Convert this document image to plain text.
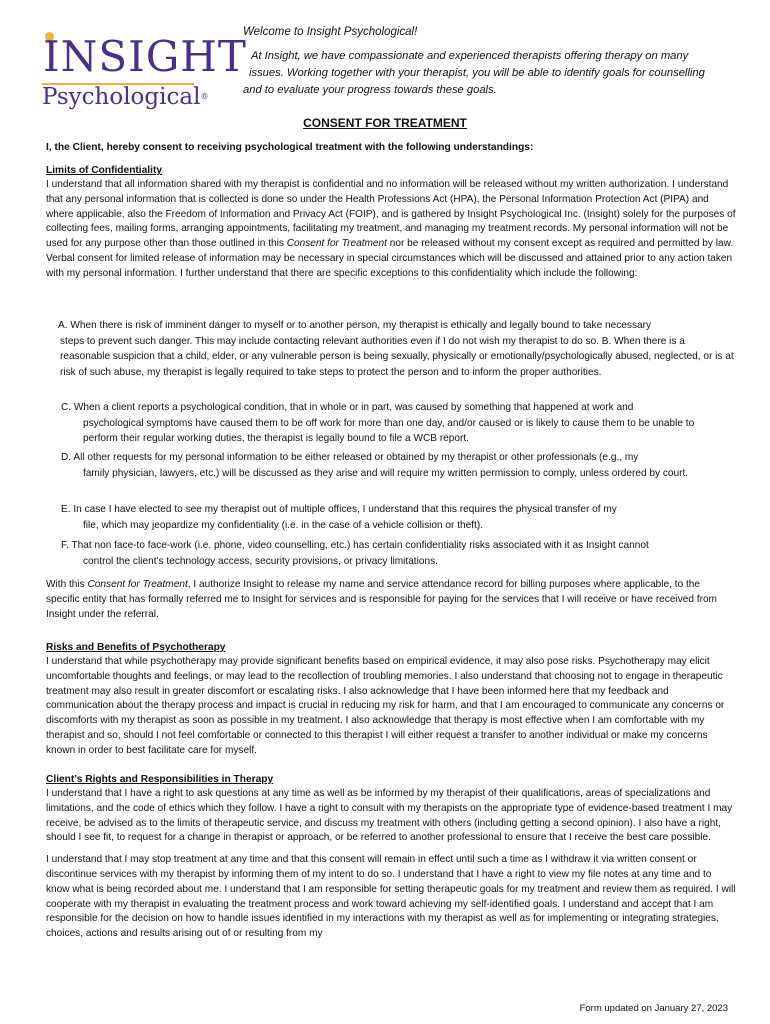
INSIGHT
Psychological®
Welcome to Insight Psychological!
At Insight, we have compassionate and experienced therapists offering therapy on many
issues. Working together with your therapist, you will be able to identify goals for counselling
and to evaluate your progress towards these goals.
CONSENT FOR TREATMENT
I, the Client, hereby consent to receiving psychological treatment with the following understandings:
Limits of Confidentiality

I understand that all information shared with my therapist is confidential and no information will be released without my written authorization. I understand that any personal information that is collected is done so under the Health Professions Act (HPA), the Personal Information Protection Act (PIPA) and where applicable, also the Freedom of Information and Privacy Act (FOIP), and is gathered by Insight Psychological Inc. (Insight) solely for the purposes of collecting fees, mailing forms, arranging appointments, facilitating my treatment, and managing my treatment records. My personal information will not be used for any purpose other than those outlined in this Consent for Treatment nor be released without my consent except as required and permitted by law. Verbal consent for limited release of information may be necessary in special circumstances which will be discussed and attained prior to any action taken with my personal information. I further understand that there are specific exceptions to this confidentiality which include the following:

A. When there is risk of imminent danger to myself or to another person, my therapist is ethically and legally bound to take necessary
steps to prevent such danger. This may include contacting relevant authorities even if I do not wish my therapist to do so. B. When there is a reasonable suspicion that a child, elder, or any vulnerable person is being sexually, physically or emotionally/psychologically abused, neglected, or is at risk of such abuse, my therapist is legally required to take steps to protect the person and to inform the proper authorities.
C. When a client reports a psychological condition, that in whole or in part, was caused by something that happened at work and
psychological symptoms have caused them to be off work for more than one day, and/or caused or is likely to cause them to be unable to perform their regular working duties, the therapist is legally bound to file a WCB report.
D. All other requests for my personal information to be either released or obtained by my therapist or other professionals (e.g., my
family physician, lawyers, etc.) will be discussed as they arise and will require my written permission to comply, unless ordered by court.
E. In case I have elected to see my therapist out of multiple offices, I understand that this requires the physical transfer of my
file, which may jeopardize my confidentiality (i.e. in the case of a vehicle collision or theft).
F. That non face-to face-work (i.e. phone, video counselling, etc.) has certain confidentiality risks associated with it as Insight cannot
control the client’s technology access, security provisions, or privacy limitations.

With this Consent for Treatment, I authorize Insight to release my name and service attendance record for billing purposes where applicable, to the specific entity that has formally referred me to Insight for services and is responsible for paying for the services that I will receive or have received from Insight under the referral.

Risks and Benefits of Psychotherapy

I understand that while psychotherapy may provide significant benefits based on empirical evidence, it may also pose risks. Psychotherapy may elicit uncomfortable thoughts and feelings, or may lead to the recollection of troubling memories. I also understand that choosing not to engage in therapeutic treatment may also result in greater discomfort or escalating risks. I also acknowledge that I have been informed here that my feedback and communication about the therapy process and impact is crucial in reducing my risk for harm, and that I am encouraged to communicate any concerns or discomforts with my therapist as soon as possible in my treatment. I also acknowledge that therapy is most effective when I am comfortable with my therapist and so, should I not feel comfortable or connected to this therapist I will either request a transfer to another individual or make my concerns known in order to best facilitate care for myself.

Client’s Rights and Responsibilities in Therapy

I understand that I have a right to ask questions at any time as well as be informed by my therapist of their qualifications, areas of specializations and limitations, and the code of ethics which they follow. I have a right to consult with my therapists on the appropriate type of evidence-based treatment I may receive, be advised as to the limits of therapeutic service, and discuss my treatment with others (including getting a second opinion). I also have a right, should I see fit, to request for a change in therapist or approach, or be referred to another professional to ensure that I receive the best care possible.

I understand that I may stop treatment at any time and that this consent will remain in effect until such a time as I withdraw it via written consent or discontinue services with my therapist by informing them of my intent to do so. I understand that I have a right to view my file notes at any time and to know what is being recorded about me. I understand that I am responsible for setting therapeutic goals for my treatment and review them as required. I will cooperate with my therapist in evaluating the treatment process and work toward achieving my self-identified goals. I understand and accept that I am responsible for the decision on how to handle issues identified in my interactions with my therapist as well as for implementing or integrating strategies, choices, actions and results arising out of or resulting from my

Form updated on January 27, 2023
